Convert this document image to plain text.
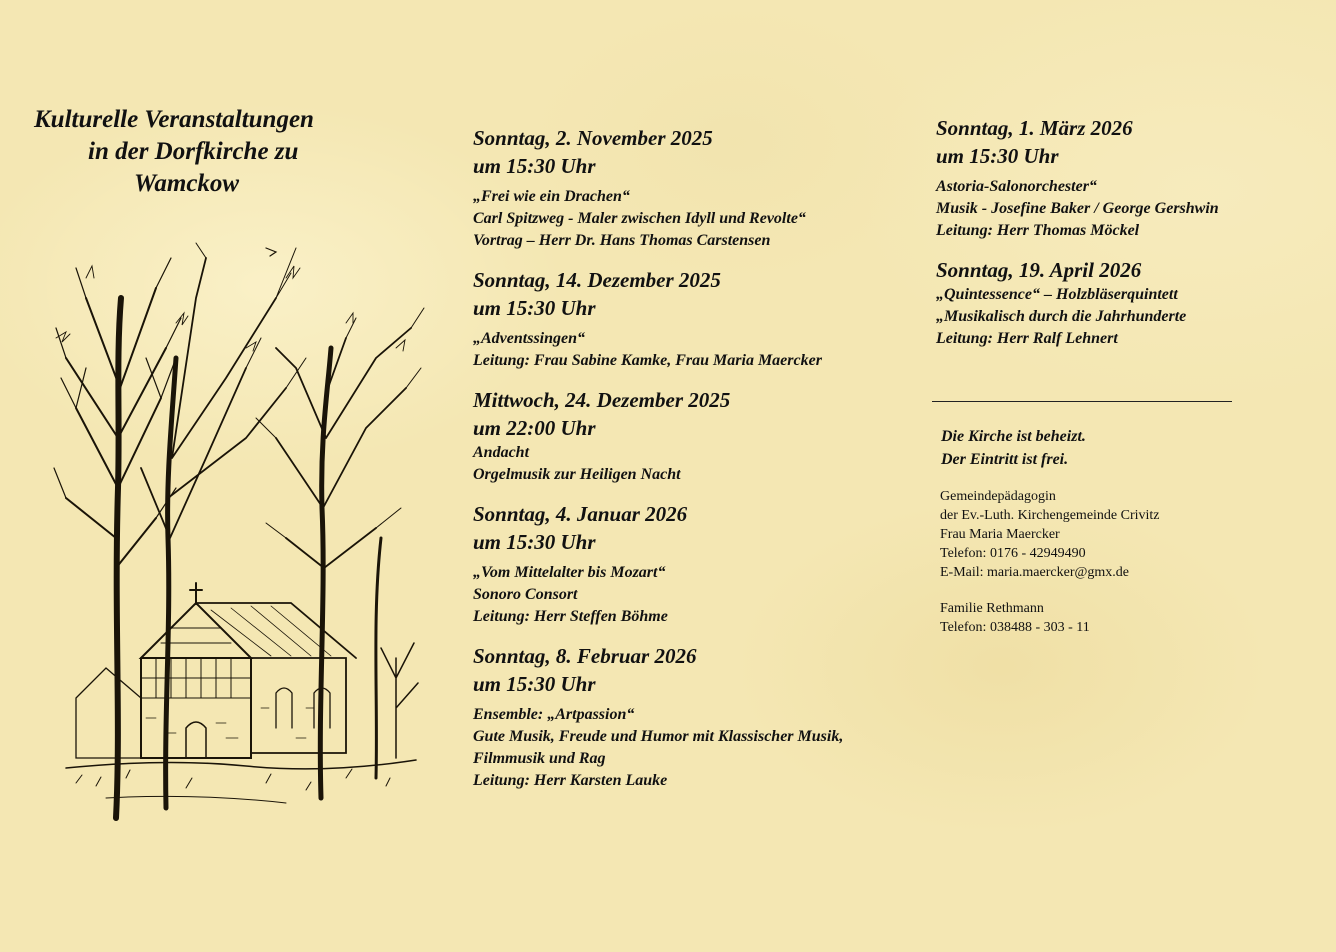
Kulturelle Veranstaltungen
in der Dorfkirche zu
Wamckow
Sonntag, 2. November 2025
um 15:30 Uhr
„Frei wie ein Drachen“
Carl Spitzweg - Maler zwischen Idyll und Revolte“
Vortrag – Herr Dr. Hans Thomas Carstensen
Sonntag, 14. Dezember 2025
um 15:30 Uhr
„Adventssingen“
Leitung: Frau Sabine Kamke, Frau Maria Maercker
Mittwoch, 24. Dezember 2025
um 22:00 Uhr
Andacht
Orgelmusik zur Heiligen Nacht
Sonntag, 4. Januar 2026
um 15:30 Uhr
„Vom Mittelalter bis Mozart“
Sonoro Consort
Leitung: Herr Steffen Böhme
Sonntag, 8. Februar 2026
um 15:30 Uhr
Ensemble: „Artpassion“
Gute Musik, Freude und Humor mit Klassischer Musik,
Filmmusik und Rag
Leitung: Herr Karsten Lauke
Sonntag, 1. März 2026
um 15:30 Uhr
Astoria-Salonorchester“
Musik - Josefine Baker / George Gershwin
Leitung: Herr Thomas Möckel
Sonntag, 19. April 2026
„Quintessence“ – Holzbläserquintett
„Musikalisch durch die Jahrhunderte
Leitung: Herr Ralf Lehnert
Die Kirche ist beheizt.
Der Eintritt ist frei.
Gemeindepädagogin
der Ev.-Luth. Kirchengemeinde Crivitz
Frau Maria Maercker
Telefon: 0176 - 42949490
E-Mail: maria.maercker@gmx.de
Familie Rethmann
Telefon: 038488 - 303 - 11
